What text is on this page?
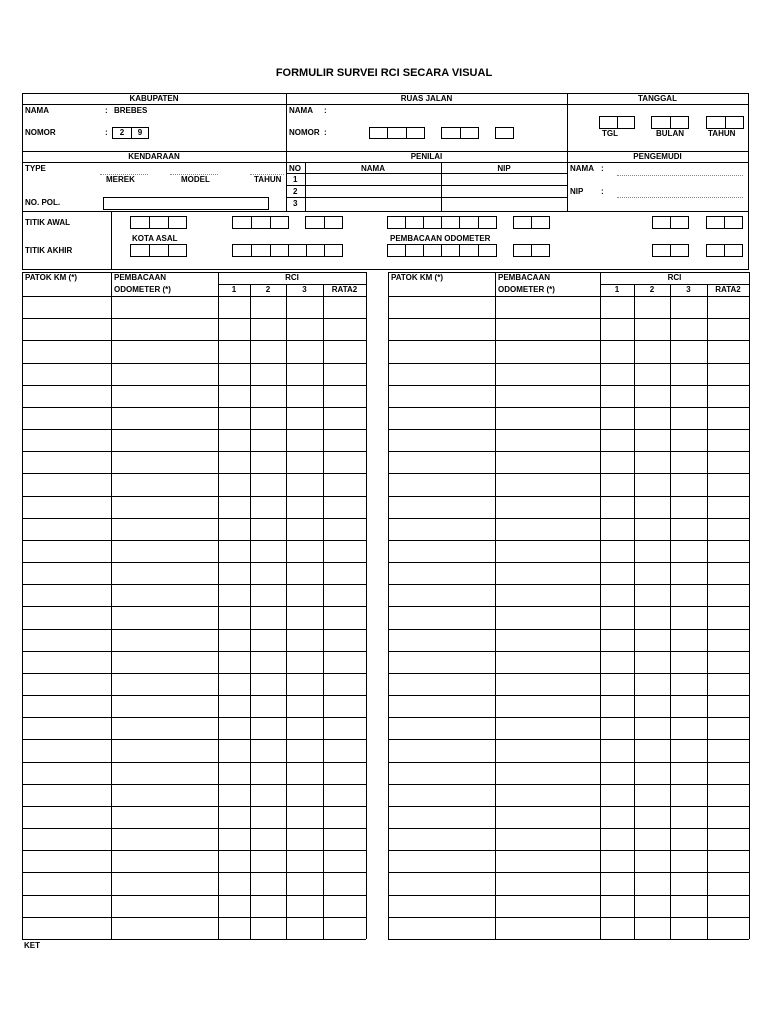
FORMULIR SURVEI RCI SECARA VISUAL
KABUPATEN	RUAS JALAN	TANGGAL
NAMA	: BREBES
NOMOR	:	2	9
NAMA :
NOMOR :	TGL	BULAN	TAHUN
KENDARAAN	PENILAI	PENGEMUDI
TYPE
MEREK	MODEL	TAHUN
NO. POL.
NO	NAMA	NIP
1
2
3
NAMA :
NIP :
TITIK AWAL
TITIK AKHIR
KOTA ASAL	PEMBACAAN ODOMETER
PATOK KM (*)	PEMBACAAN
ODOMETER (*)
RCI
1	2	3	RATA2
PATOK KM (*)	PEMBACAAN
ODOMETER (*)
RCI
1	2	3	RATA2
KET
